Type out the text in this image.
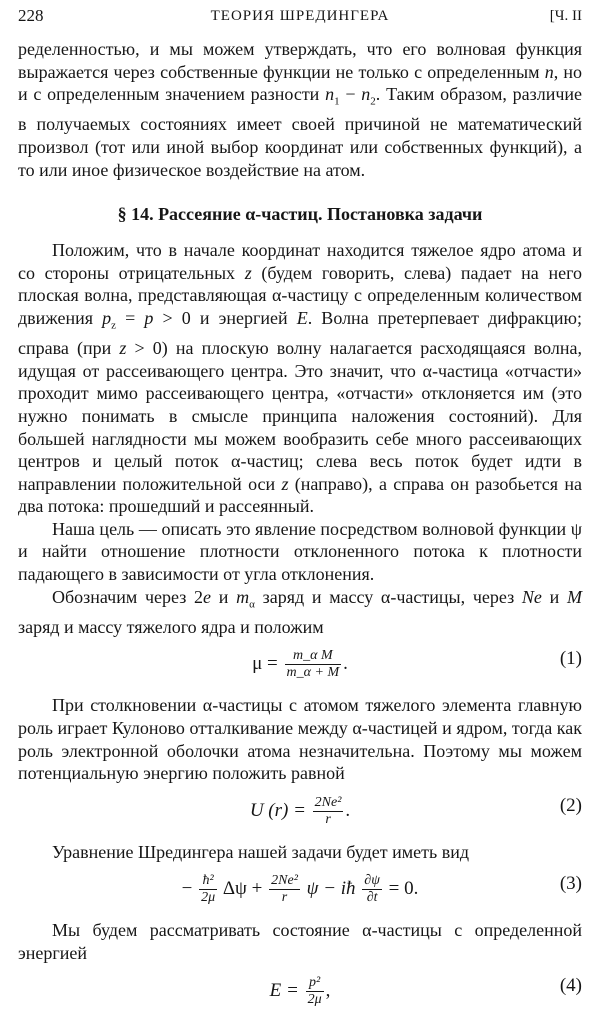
228	ТЕОРИЯ ШРЕДИНГЕРА	[Ч. II

ределенностью, и мы можем утверждать, что его волновая функция выражается через собственные функции не только с определенным n, но и с определенным значением разности $n_1 - n_2$. Таким образом, различие в получаемых состояниях имеет своей причиной не математический произвол (тот или иной выбор координат или собственных функций), а то или иное физическое воздействие на атом.

§ 14. Рассеяние α-частиц. Постановка задачи

Положим, что в начале координат находится тяжелое ядро атома и со стороны отрицательных z (будем говорить, слева) падает на него плоская волна, представляющая α-частицу с определенным количеством движения $p_z = p > 0$ и энергией E. Волна претерпевает дифракцию; справа (при z > 0) на плоскую волну налагается расходящаяся волна, идущая от рассеивающего центра. Это значит, что α-частица «отчасти» проходит мимо рассеивающего центра, «отчасти» отклоняется им (это нужно понимать в смысле принципа наложения состояний). Для большей наглядности мы можем вообразить себе много рассеивающих центров и целый поток α-частиц; слева весь поток будет идти в направлении положительной оси z (направо), а справа он разобьется на два потока: прошедший и рассеянный.

Наша цель — описать это явление посредством волновой функции ψ и найти отношение плотности отклоненного потока к плотности падающего в зависимости от угла отклонения.

Обозначим через 2e и $m_\alpha$ заряд и массу α-частицы, через Ne и M заряд и массу тяжелого ядра и положим

$\mu = \frac{\text{m\_α M}}{m\_\alpha + M}$ .	(1)

При столкновении α-частицы с атомом тяжелого элемента главную роль играет Кулоново отталкивание между α-частицей и ядром, тогда как роль электронной оболочки атома незначительна. Поэтому мы можем потенциальную энергию положить равной

U $(r) = \frac{\text{2Ne²}}{r}$ .	(2)

Уравнение Шредингера нашей задачи будет иметь вид

− $\frac{\text{ħ²}}{2\mu}$ $\Delta\psi + \frac{\text{2Ne²}}{r}$ ψ − iħ $\frac{\partial\psi}{\partial t} = 0$.	(3)

Мы будем рассматривать состояние α-частицы с определенной энергией

$E = \frac{\text{p²}}{2\mu}$ ,	(4)
